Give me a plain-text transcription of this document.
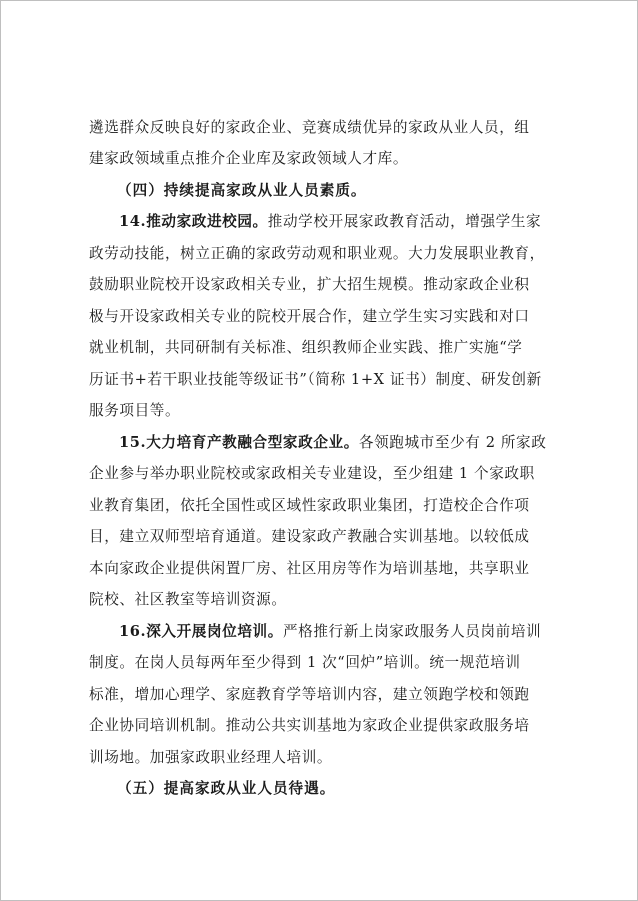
遴选群众反映良好的家政企业、竞赛成绩优异的家政从业人员，组
建家政领域重点推介企业库及家政领域人才库。
（四）持续提高家政从业人员素质。
14.推动家政进校园。推动学校开展家政教育活动，增强学生家
政劳动技能，树立正确的家政劳动观和职业观。大力发展职业教育，
鼓励职业院校开设家政相关专业，扩大招生规模。推动家政企业积
极与开设家政相关专业的院校开展合作，建立学生实习实践和对口
就业机制，共同研制有关标准、组织教师企业实践、推广实施“学
历证书+若干职业技能等级证书”（简称 1+X 证书）制度、研发创新
服务项目等。
15.大力培育产教融合型家政企业。各领跑城市至少有 2 所家政
企业参与举办职业院校或家政相关专业建设，至少组建 1 个家政职
业教育集团，依托全国性或区域性家政职业集团，打造校企合作项
目，建立双师型培育通道。建设家政产教融合实训基地。以较低成
本向家政企业提供闲置厂房、社区用房等作为培训基地，共享职业
院校、社区教室等培训资源。
16.深入开展岗位培训。严格推行新上岗家政服务人员岗前培训
制度。在岗人员每两年至少得到 1 次“回炉”培训。统一规范培训
标准，增加心理学、家庭教育学等培训内容，建立领跑学校和领跑
企业协同培训机制。推动公共实训基地为家政企业提供家政服务培
训场地。加强家政职业经理人培训。
（五）提高家政从业人员待遇。
